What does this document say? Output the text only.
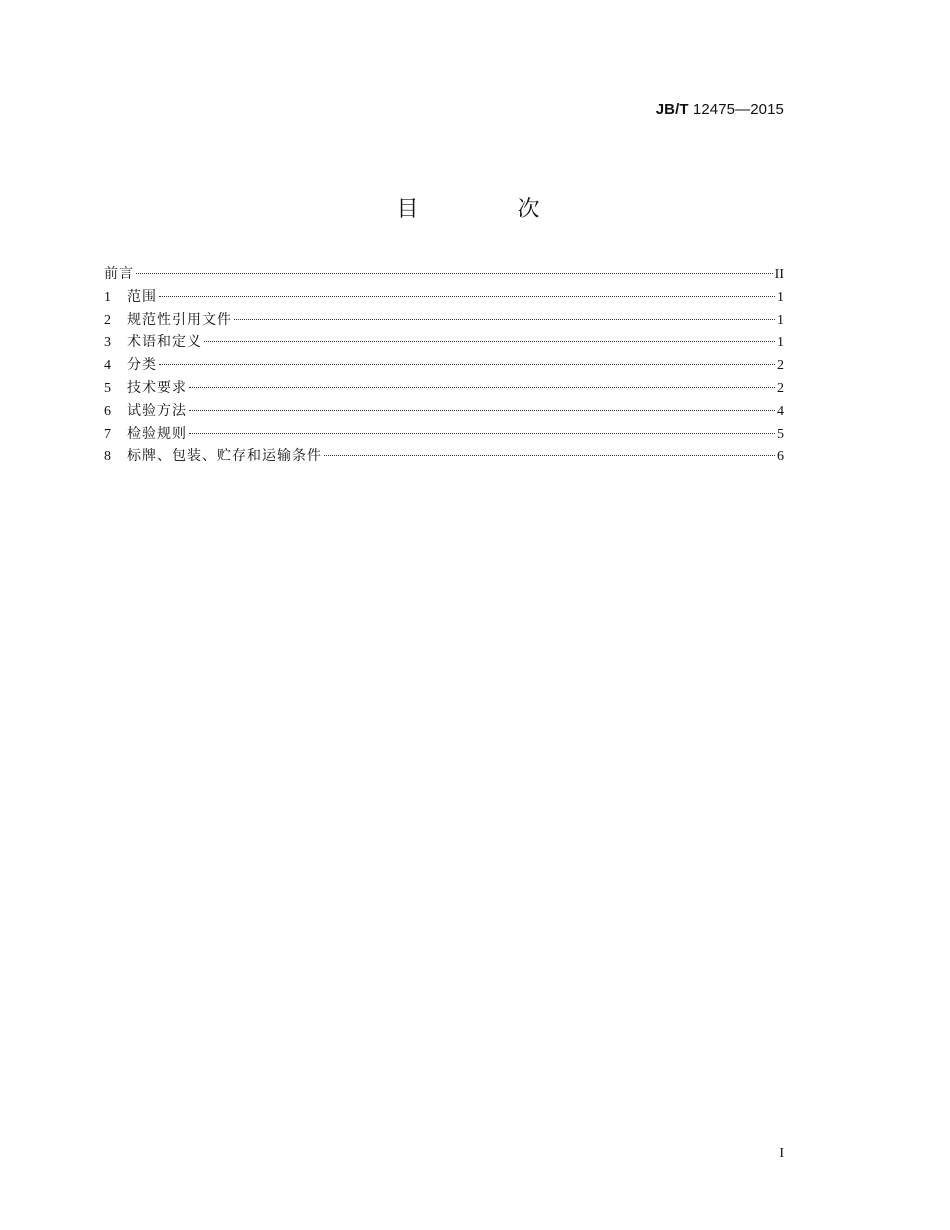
JB/T 12475—2015
目 次
前言	II
1	范围	1
2	规范性引用文件	1
3	术语和定义	1
4	分类	2
5	技术要求	2
6	试验方法	4
7	检验规则	5
8	标牌、包装、贮存和运输条件	6
I
